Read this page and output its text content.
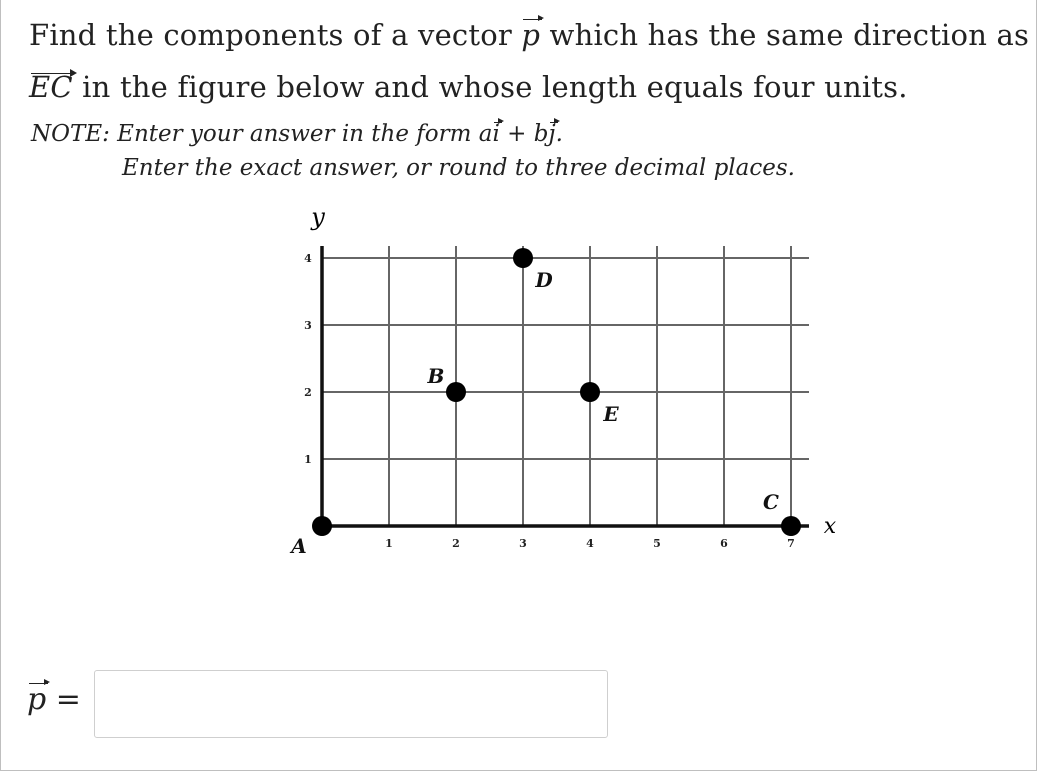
Find the components of a vector p which has the same direction as
EC in the figure below and whose length equals four units.
NOTE: Enter your answer in the form ai + bj.
Enter the exact answer, or round to three decimal places.
1	2	3	4	5	6	7
1
2
3
4
A
B
C
D
E
x
y
p =
